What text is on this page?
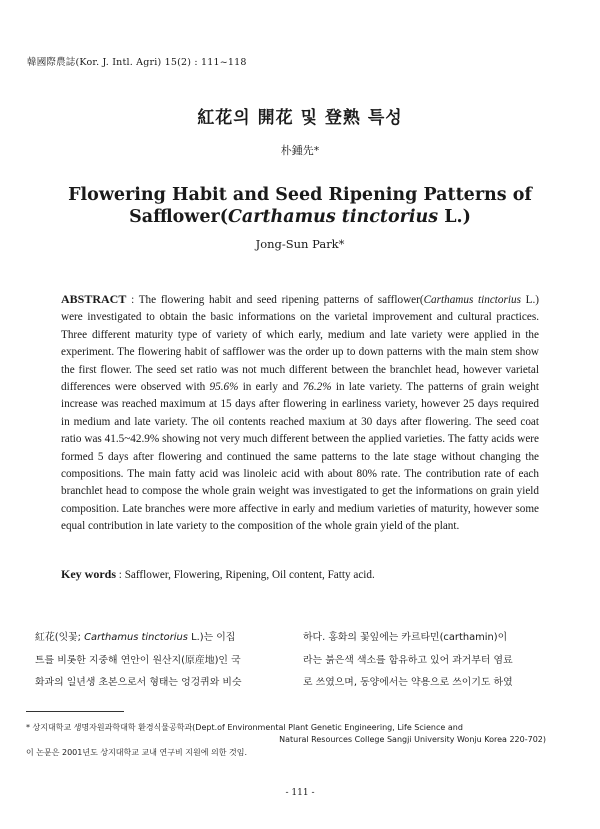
韓國際農誌(Kor. J. Intl. Agri) 15(2) : 111~118
紅花의 開花 및 登熟 특성
朴鍾先*
Flowering Habit and Seed Ripening Patterns of
Safflower(Carthamus tinctorius L.)
Jong-Sun Park*
ABSTRACT : The flowering habit and seed ripening patterns of safflower(Carthamus tinctorius L.) were investigated to obtain the basic informations on the varietal improvement and cultural practices. Three different maturity type of variety of which early, medium and late variety were applied in the experiment. The flowering habit of safflower was the order up to down patterns with the main stem show the first flower. The seed set ratio was not much different between the branchlet head, however varietal differences were observed with 95.6% in early and 76.2% in late variety. The patterns of grain weight increase was reached maximum at 15 days after flowering in earliness variety, however 25 days required in medium and late variety. The oil contents reached maxium at 30 days after flowering. The seed coat ratio was 41.5~42.9% showing not very much different between the applied varieties. The fatty acids were formed 5 days after flowering and continued the same patterns to the late stage without changing the compositions. The main fatty acid was linoleic acid with about 80% rate. The contribution rate of each branchlet head to compose the whole grain weight was investigated to get the informations on grain yield composition. Late branches were more affective in early and medium varieties of maturity, however some equal contribution in late variety to the composition of the whole grain yield of the plant.
Key words : Safflower, Flowering, Ripening, Oil content, Fatty acid.
紅花(잇꽃; Carthamus tinctorius L.)는 이집
트를 비롯한 지중해 연안이 원산지(原産地)인 국
화과의 일년생 초본으로서 형태는 엉겅퀴와 비슷
하다. 홍화의 꽃잎에는 카르타민(carthamin)이
라는 붉은색 색소를 함유하고 있어 과거부터 염료
로 쓰였으며, 동양에서는 약용으로 쓰이기도 하였
* 상지대학교 생명자원과학대학 환경식물공학과(Dept.of Environmental Plant Genetic Engineering, Life Science and
Natural Resources College Sangji University Wonju Korea 220-702)
이 논문은 2001년도 상지대학교 교내 연구비 지원에 의한 것임.
- 111 -
